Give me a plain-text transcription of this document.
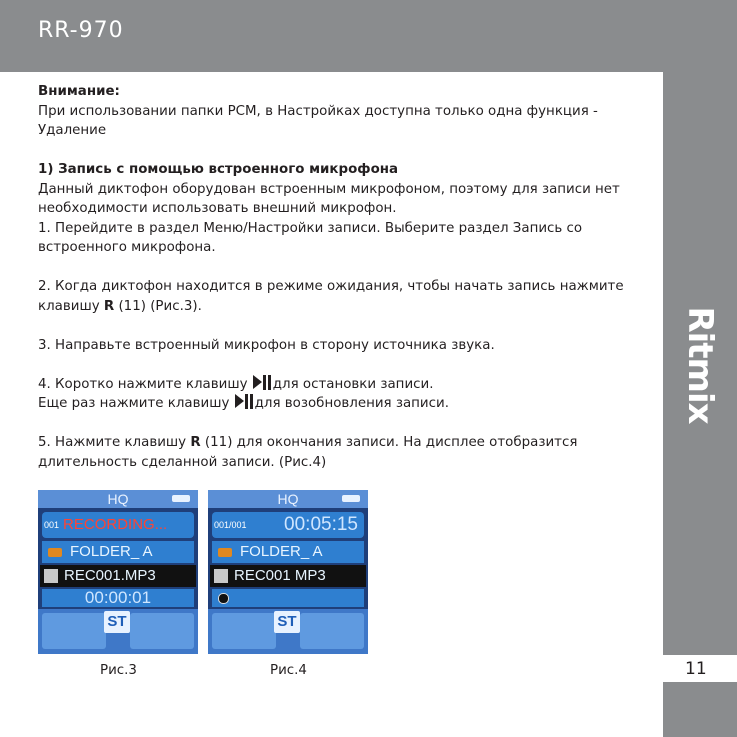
RR-970
Ritmix
11

Внимание:

При использовании папки PCM, в Настройках доступна только одна функция - Удаление

1) Запись с помощью встроенного микрофона

Данный диктофон оборудован встроенным микрофоном, поэтому для записи нет необходимости использовать внешний микрофон.

1. Перейдите в раздел Меню/Настройки записи. Выберите раздел Запись со встроенного микрофона.

2. Когда диктофон находится в режиме ожидания, чтобы начать запись нажмите клавишу R (11) (Рис.3).

3. Направьте встроенный микрофон в сторону источника звука.

4. Коротко нажмите клавишу
для остановки записи.

Еще раз нажмите клавишу
для возобновления записи.

5. Нажмите клавишу R (11) для окончания записи. На дисплее отобразится длительность сделанной записи. (Рис.4)

HQ
001 RECORDING...
FOLDER_ A
REC001.MP3
00:00:01
ST
HQ
001/001 00:05:15
FOLDER_ A
REC001 MP3
ST
Рис.3	Рис.4
